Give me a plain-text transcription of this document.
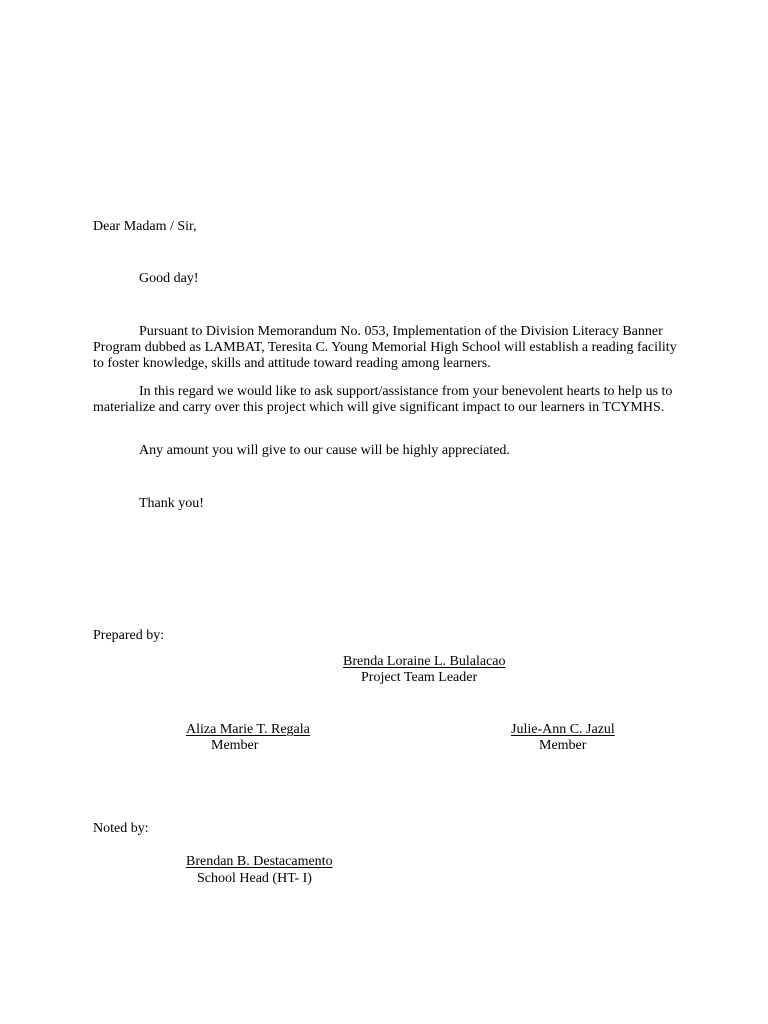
Dear Madam / Sir,
Good day!
Pursuant to Division Memorandum No. 053, Implementation of the Division Literacy Banner Program dubbed as LAMBAT, Teresita C. Young Memorial High School will establish a reading facility to foster knowledge, skills and attitude toward reading among learners.
In this regard we would like to ask support/assistance from your benevolent hearts to help us to materialize and carry over this project which will give significant impact to our learners in TCYMHS.
Any amount you will give to our cause will be highly appreciated.
Thank you!
Prepared by:
Brenda Loraine L. Bulalacao
Project Team Leader
Aliza Marie T. Regala
Member
Julie-Ann C. Jazul
Member
Noted by:
Brendan B. Destacamento
School Head (HT- I)
